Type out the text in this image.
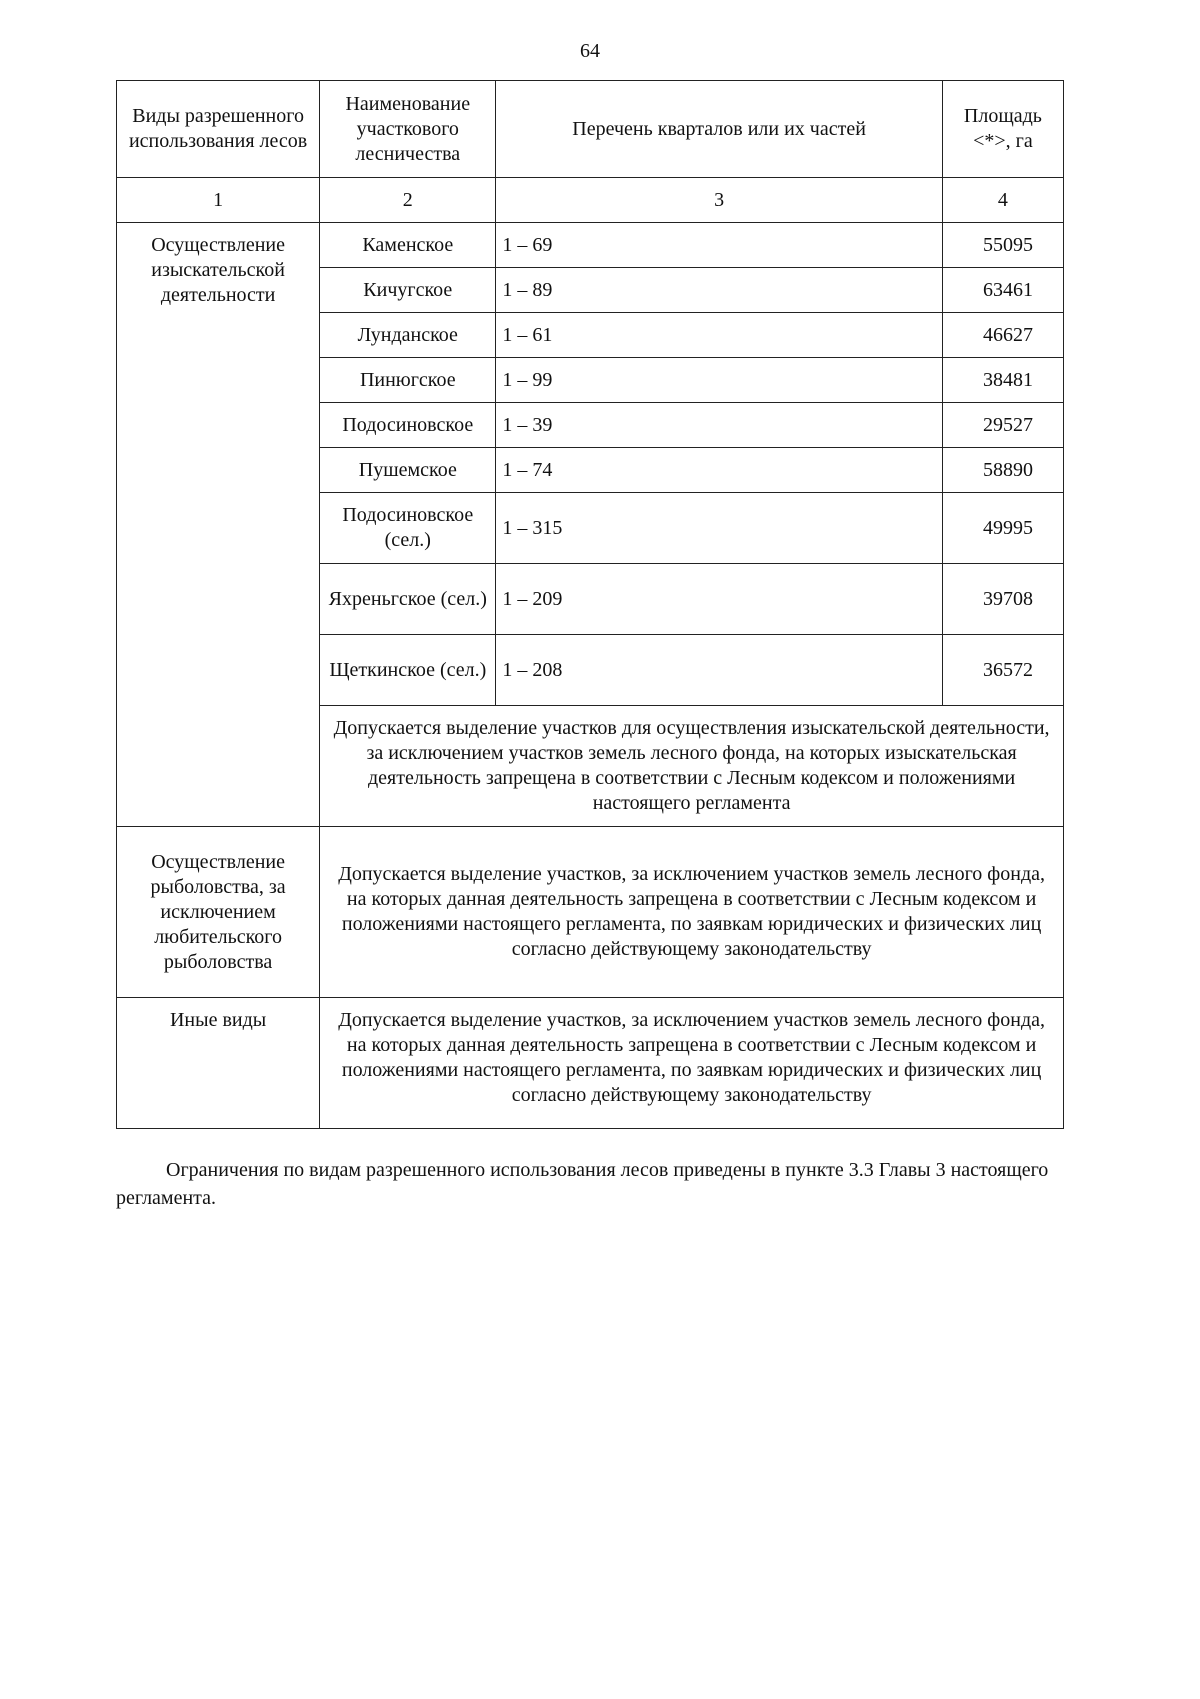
64
Виды разрешенного использования лесов	Наименование участкового лесничества	Перечень кварталов или их частей	Площадь <*>, га
1	2	3	4
Осуществление изыскательской деятельности	Каменское	1 – 69	55095
	Кичугское	1 – 89	63461
	Лунданское	1 – 61	46627
	Пинюгское	1 – 99	38481
	Подосиновское	1 – 39	29527
	Пушемское	1 – 74	58890
	Подосиновское (сел.)	1 – 315	49995
	Яхреньгское (сел.)	1 – 209	39708
	Щеткинское (сел.)	1 – 208	36572
	Допускается выделение участков для осуществления изыскательской деятельности, за исключением участков земель лесного фонда, на которых изыскательская деятельность запрещена в соответствии с Лесным кодексом и положениями настоящего регламента		
Осуществление рыболовства, за исключением любительского рыболовства	Допускается выделение участков, за исключением участков земель лесного фонда, на которых данная деятельность запрещена в соответствии с Лесным кодексом и положениями настоящего регламента, по заявкам юридических и физических лиц согласно действующему законодательству		
Иные виды	Допускается выделение участков, за исключением участков земель лесного фонда, на которых данная деятельность запрещена в соответствии с Лесным кодексом и положениями настоящего регламента, по заявкам юридических и физических лиц согласно действующему законодательству		
Ограничения по видам разрешенного использования лесов приведены в пункте 3.3 Главы 3 настоящего регламента.
